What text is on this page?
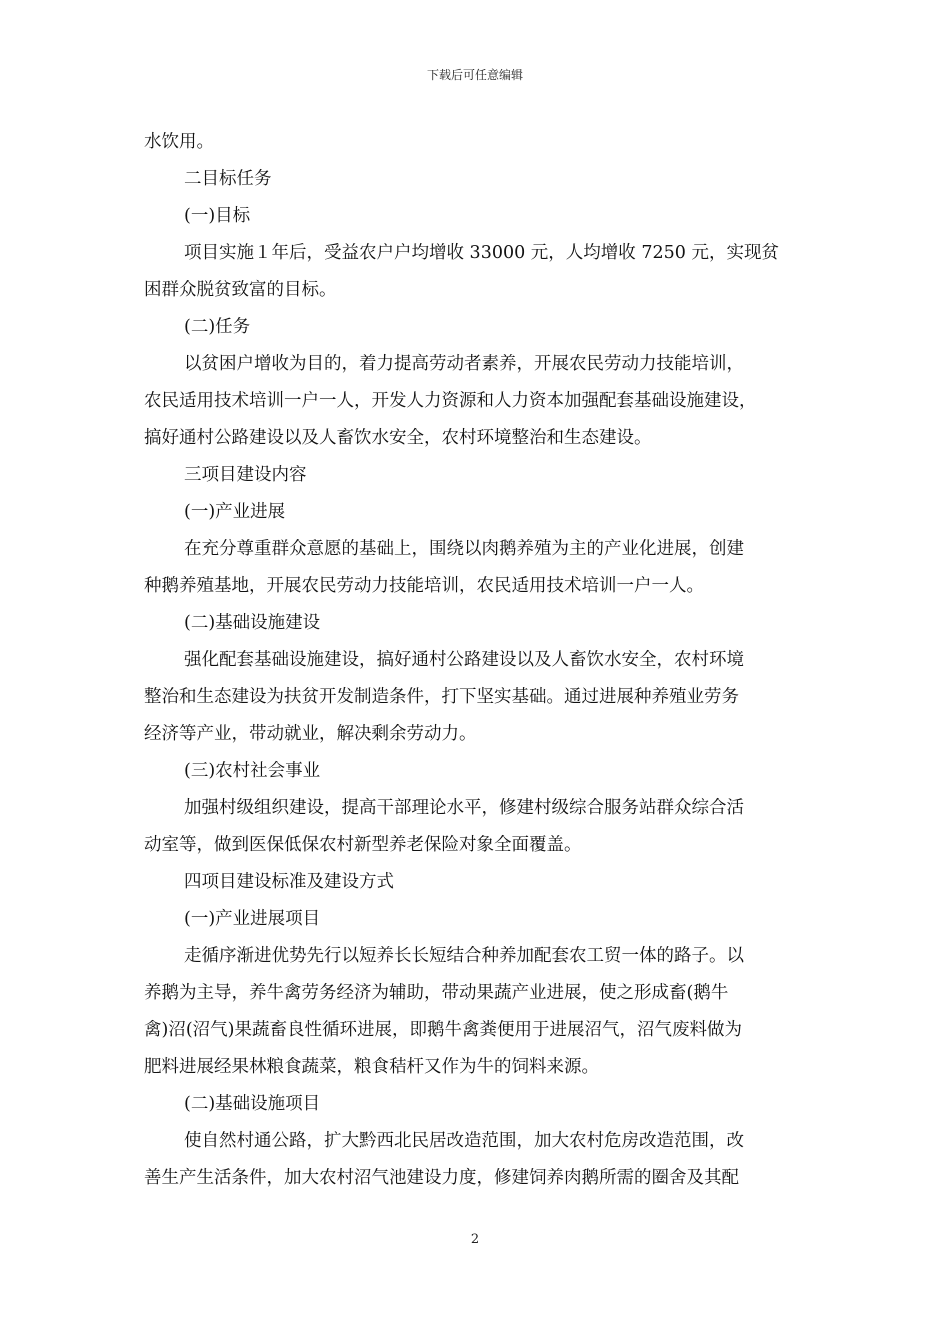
下载后可任意编辑
水饮用。
二目标任务
(一)目标
项目实施１年后，受益农户户均增收 33000 元，人均增收 7250 元，实现贫
困群众脱贫致富的目标。
(二)任务
以贫困户增收为目的，着力提高劳动者素养，开展农民劳动力技能培训，
农民适用技术培训一户一人，开发人力资源和人力资本加强配套基础设施建设，
搞好通村公路建设以及人畜饮水安全，农村环境整治和生态建设。
三项目建设内容
(一)产业进展
在充分尊重群众意愿的基础上，围绕以肉鹅养殖为主的产业化进展，创建
种鹅养殖基地，开展农民劳动力技能培训，农民适用技术培训一户一人。
(二)基础设施建设
强化配套基础设施建设，搞好通村公路建设以及人畜饮水安全，农村环境
整治和生态建设为扶贫开发制造条件，打下坚实基础。通过进展种养殖业劳务
经济等产业，带动就业，解决剩余劳动力。
(三)农村社会事业
加强村级组织建设，提高干部理论水平，修建村级综合服务站群众综合活
动室等，做到医保低保农村新型养老保险对象全面覆盖。
四项目建设标准及建设方式
(一)产业进展项目
走循序渐进优势先行以短养长长短结合种养加配套农工贸一体的路子。以
养鹅为主导，养牛禽劳务经济为辅助，带动果蔬产业进展，使之形成畜(鹅牛
禽)沼(沼气)果蔬畜良性循环进展，即鹅牛禽粪便用于进展沼气，沼气废料做为
肥料进展经果林粮食蔬菜，粮食秸杆又作为牛的饲料来源。
(二)基础设施项目
使自然村通公路，扩大黔西北民居改造范围，加大农村危房改造范围，改
善生产生活条件，加大农村沼气池建设力度，修建饲养肉鹅所需的圈舍及其配
2
